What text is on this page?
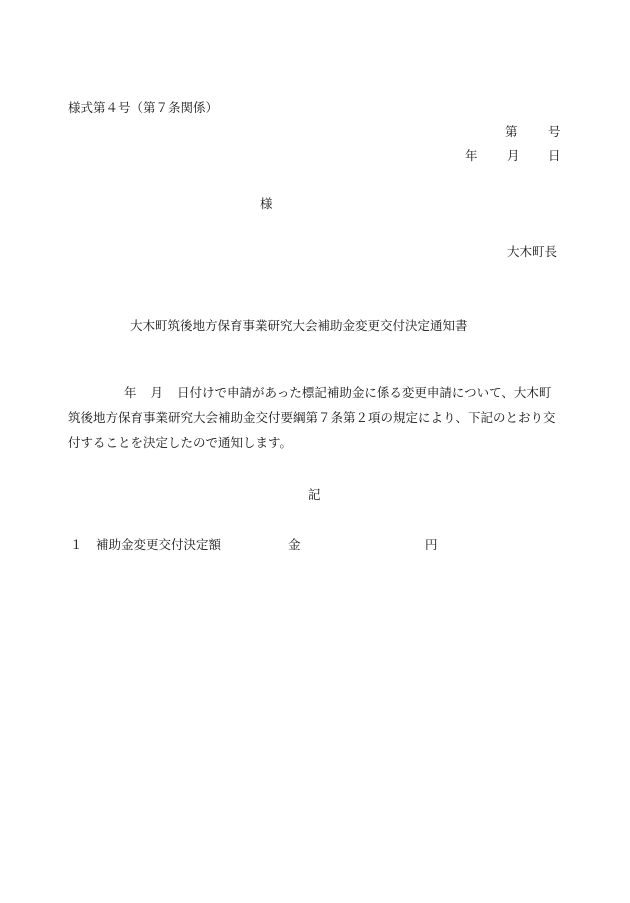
様式第４号（第７条関係）
第 号
年 月 日
様
大木町長
大木町筑後地方保育事業研究大会補助金変更交付決定通知書
年 月 日付けで申請があった標記補助金に係る変更申請について、大木町筑後地方保育事業研究大会補助金交付要綱第７条第２項の規定により、下記のとおり交付することを決定したので通知します。
記
１ 補助金変更交付決定額	金	円
